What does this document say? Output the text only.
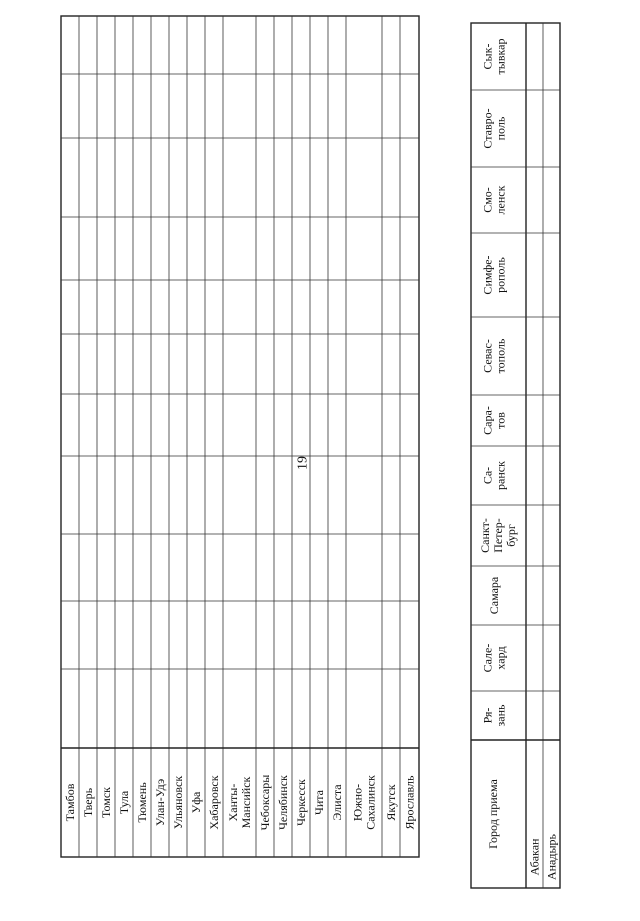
19
Тамбов Тверь Томск Тула Тюмень Улан-Удэ Ульяновск Уфа Хабаровск Ханты- Мансийск Чебоксары Челябинск Черкесск Чита Элиста Южно- Сахалинск Якутск Ярославль	Город приема
Ря- зань
Сале- хард
Самара
Санкт- Петер- бург
Са- ранск
Сара- тов
Севас- тополь
Симфе- рополь
Смо- ленск
Ставро- поль
Сык- тывкар
Абакан Анадырь
